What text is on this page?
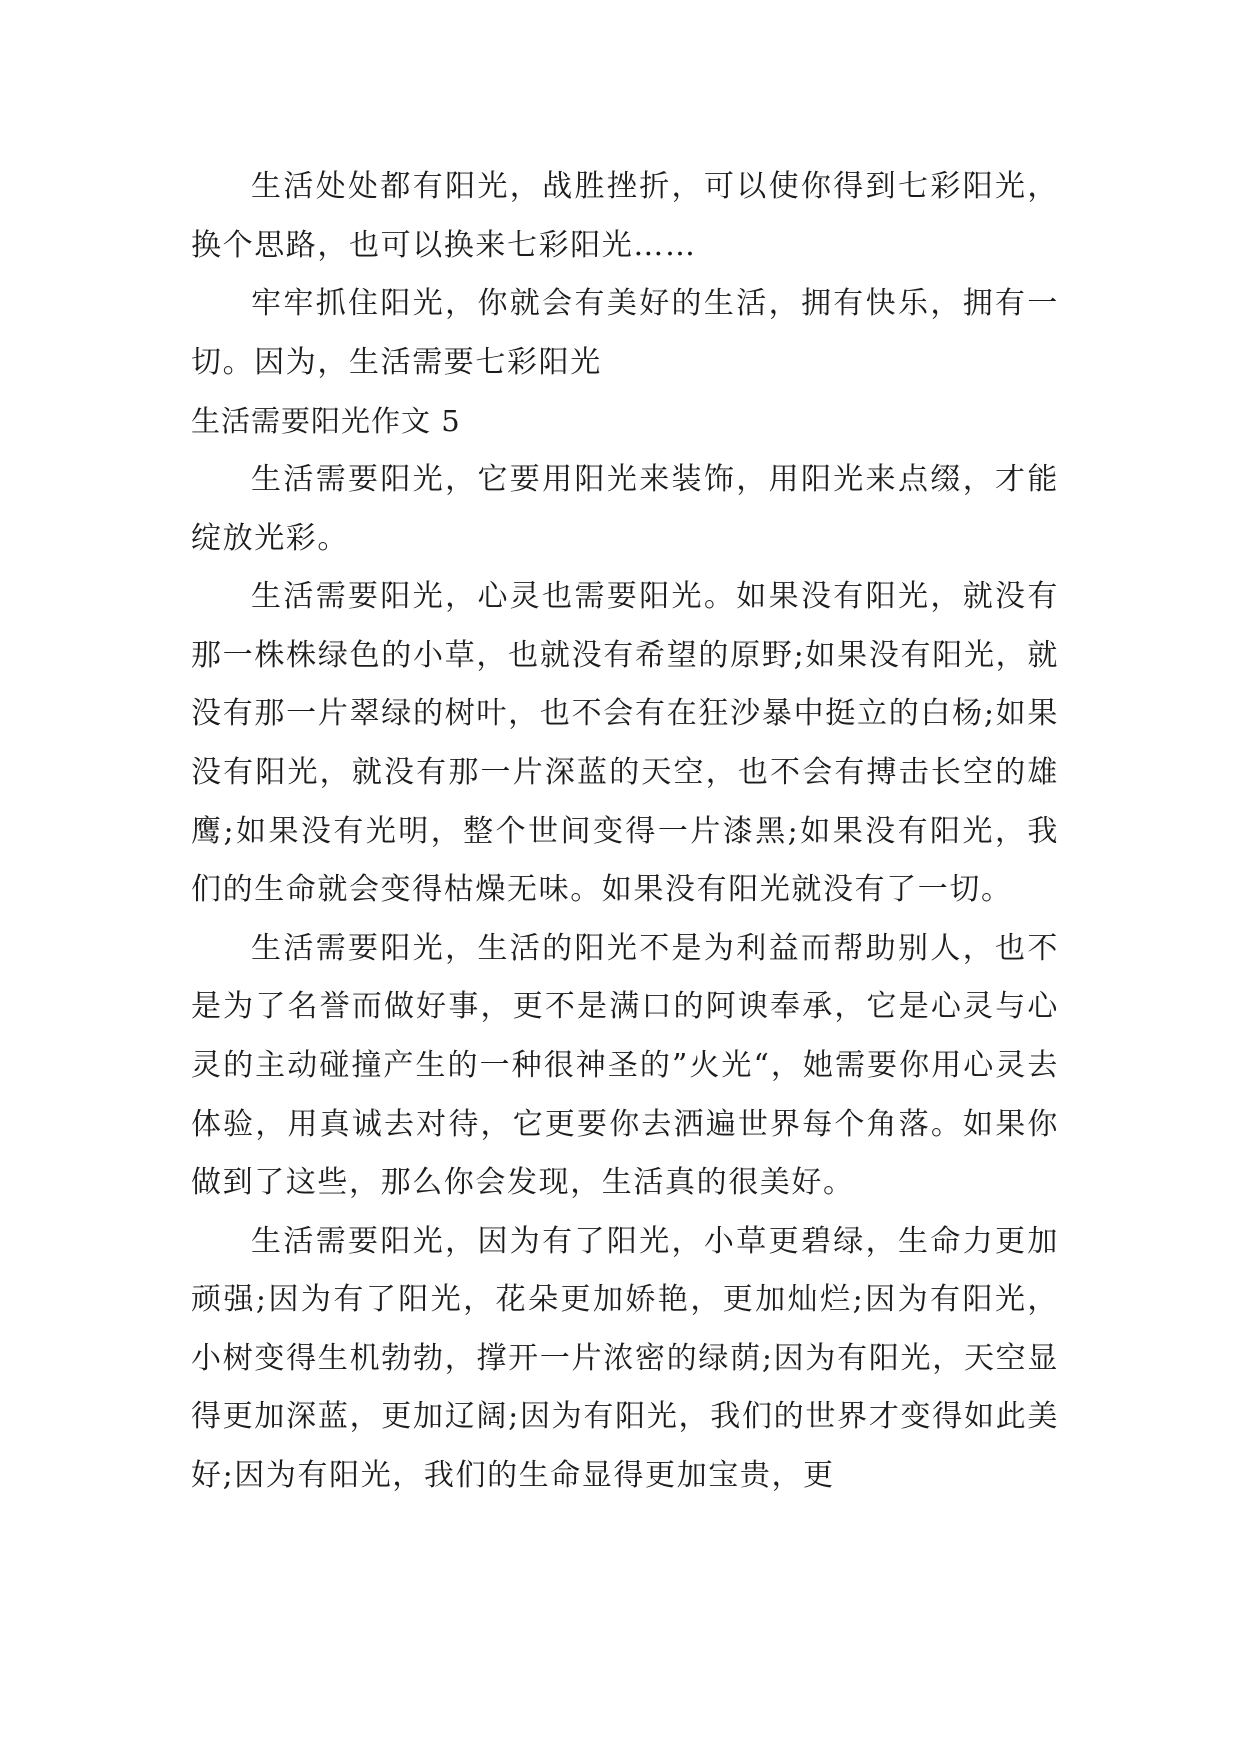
生活处处都有阳光，战胜挫折，可以使你得到七彩阳光，换个思路，也可以换来七彩阳光……

牢牢抓住阳光，你就会有美好的生活，拥有快乐，拥有一切。因为，生活需要七彩阳光

生活需要阳光作文 5

生活需要阳光，它要用阳光来装饰，用阳光来点缀，才能绽放光彩。

生活需要阳光，心灵也需要阳光。如果没有阳光，就没有那一株株绿色的小草，也就没有希望的原野;如果没有阳光，就没有那一片翠绿的树叶，也不会有在狂沙暴中挺立的白杨;如果没有阳光，就没有那一片深蓝的天空，也不会有搏击长空的雄鹰;如果没有光明，整个世间变得一片漆黑;如果没有阳光，我们的生命就会变得枯燥无味。如果没有阳光就没有了一切。

生活需要阳光，生活的阳光不是为利益而帮助别人，也不是为了名誉而做好事，更不是满口的阿谀奉承，它是心灵与心灵的主动碰撞产生的一种很神圣的”火光“，她需要你用心灵去体验，用真诚去对待，它更要你去洒遍世界每个角落。如果你做到了这些，那么你会发现，生活真的很美好。

生活需要阳光，因为有了阳光，小草更碧绿，生命力更加顽强;因为有了阳光，花朵更加娇艳，更加灿烂;因为有阳光，小树变得生机勃勃，撑开一片浓密的绿荫;因为有阳光，天空显得更加深蓝，更加辽阔;因为有阳光，我们的世界才变得如此美好;因为有阳光，我们的生命显得更加宝贵，更
